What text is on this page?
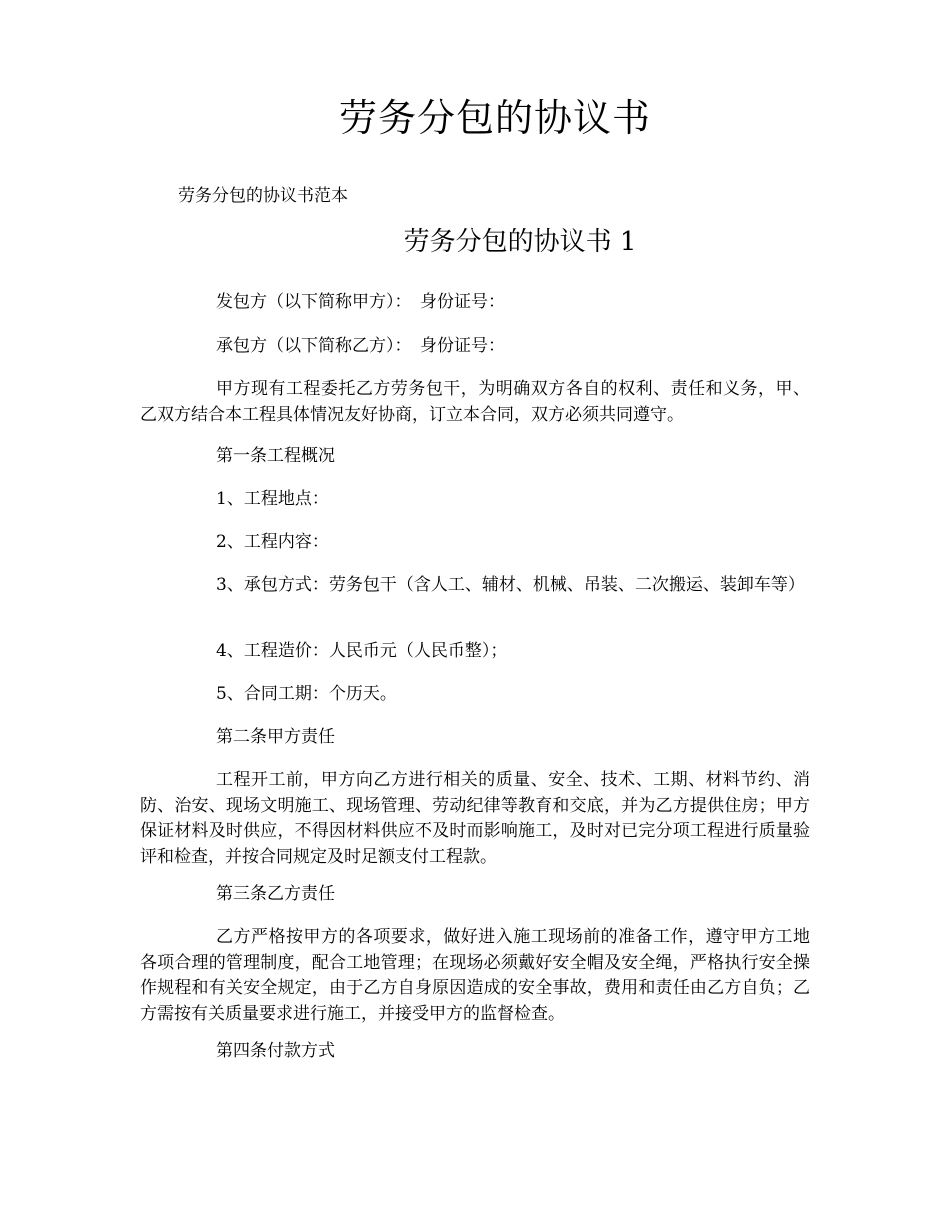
劳务分包的协议书

劳务分包的协议书范本

劳务分包的协议书 1

发包方（以下简称甲方）：　身份证号：

承包方（以下简称乙方）：　身份证号：

甲方现有工程委托乙方劳务包干，为明确双方各自的权利、责任和义务，甲、乙双方结合本工程具体情况友好协商，订立本合同，双方必须共同遵守。

第一条工程概况

1、工程地点：

2、工程内容：

3、承包方式：劳务包干（含人工、辅材、机械、吊装、二次搬运、装卸车等）

4、工程造价：人民币元（人民币整）；

5、合同工期：个历天。

第二条甲方责任

工程开工前，甲方向乙方进行相关的质量、安全、技术、工期、材料节约、消防、治安、现场文明施工、现场管理、劳动纪律等教育和交底，并为乙方提供住房；甲方保证材料及时供应，不得因材料供应不及时而影响施工，及时对已完分项工程进行质量验评和检查，并按合同规定及时足额支付工程款。

第三条乙方责任

乙方严格按甲方的各项要求，做好进入施工现场前的准备工作，遵守甲方工地各项合理的管理制度，配合工地管理；在现场必须戴好安全帽及安全绳，严格执行安全操作规程和有关安全规定，由于乙方自身原因造成的安全事故，费用和责任由乙方自负；乙方需按有关质量要求进行施工，并接受甲方的监督检查。

第四条付款方式
